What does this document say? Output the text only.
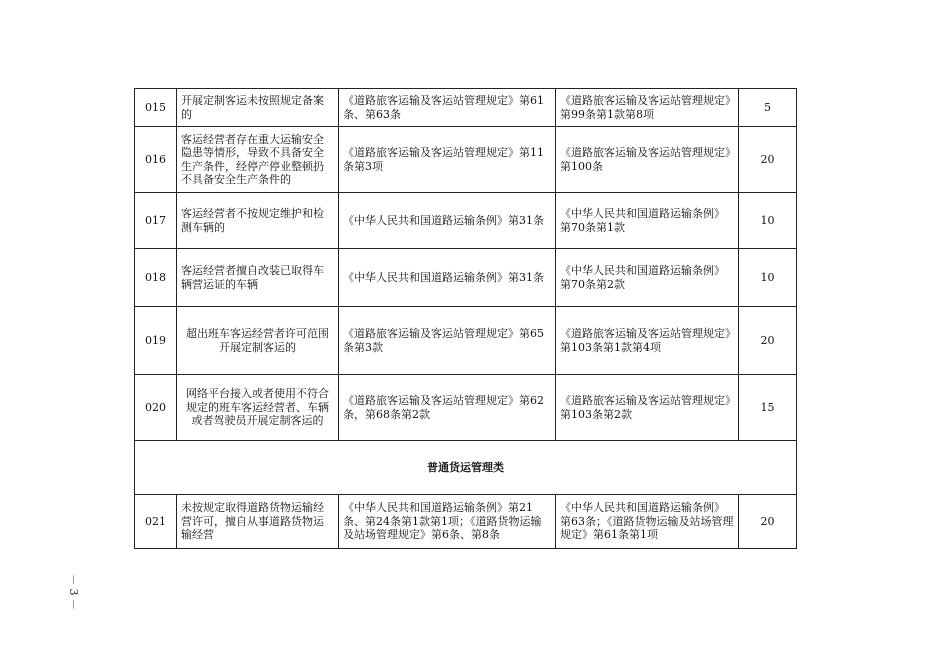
015	开展定制客运未按照规定备案的	《道路旅客运输及客运站管理规定》第61条、第63条	《道路旅客运输及客运站管理规定》第99条第1款第8项	5
016	客运经营者存在重大运输安全隐患等情形，导致不具备安全生产条件，经停产停业整顿扔不具备安全生产条件的	《道路旅客运输及客运站管理规定》第11条第3项	《道路旅客运输及客运站管理规定》第100条	20
017	客运经营者不按规定维护和检测车辆的	《中华人民共和国道路运输条例》第31条	《中华人民共和国道路运输条例》第70条第1款	10
018	客运经营者擅自改装已取得车辆营运证的车辆	《中华人民共和国道路运输条例》第31条	《中华人民共和国道路运输条例》第70条第2款	10
019	超出班车客运经营者许可范围开展定制客运的	《道路旅客运输及客运站管理规定》第65条第3款	《道路旅客运输及客运站管理规定》第103条第1款第4项	20
020	网络平台接入或者使用不符合规定的班车客运经营者、车辆或者驾驶员开展定制客运的	《道路旅客运输及客运站管理规定》第62条，第68条第2款	《道路旅客运输及客运站管理规定》第103条第2款	15
普通货运管理类				
021	未按规定取得道路货物运输经营许可，擅自从事道路货物运输经营	《中华人民共和国道路运输条例》第21条、第24条第1款第1项；《道路货物运输及站场管理规定》第6条、第8条	《中华人民共和国道路运输条例》第63条；《道路货物运输及站场管理规定》第61条第1项	20
－ 3 －
